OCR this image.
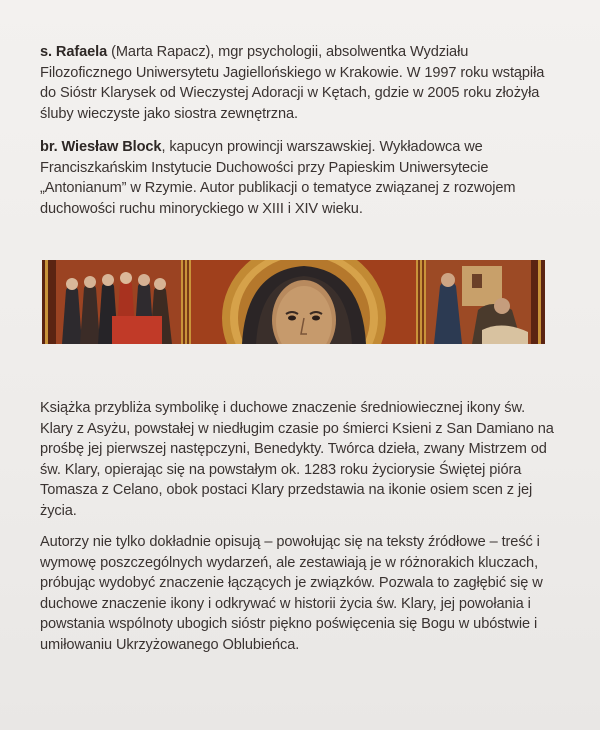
s. Rafaela (Marta Rapacz), mgr psychologii, absolwentka Wydziału Filozoficznego Uniwersytetu Jagiellońskiego w Krakowie. W 1997 roku wstąpiła do Sióstr Klarysek od Wieczystej Adoracji w Kętach, gdzie w 2005 roku złożyła śluby wieczyste jako siostra zewnętrzna.

br. Wiesław Block, kapucyn prowincji warszawskiej. Wykładowca we Franciszkańskim Instytucie Duchowości przy Papieskim Uniwersytecie „Antonianum” w Rzymie. Autor publikacji o tematyce związanej z rozwojem duchowości ruchu minoryckiego w XIII i XIV wieku.

Książka przybliża symbolikę i duchowe znaczenie średniowiecznej ikony św. Klary z Asyżu, powstałej w niedługim czasie po śmierci Ksieni z San Damiano na prośbę jej pierwszej następczyni, Benedykty. Twórca dzieła, zwany Mistrzem od św. Klary, opierając się na powstałym ok. 1283 roku życiorysie Świętej pióra Tomasza z Celano, obok postaci Klary przedstawia na ikonie osiem scen z jej życia.

Autorzy nie tylko dokładnie opisują – powołując się na teksty źródłowe – treść i wymowę poszczególnych wydarzeń, ale zestawiają je w różnorakich kluczach, próbując wydobyć znaczenie łączących je związków. Pozwala to zagłębić się w duchowe znaczenie ikony i odkrywać w historii życia św. Klary, jej powołania i powstania wspólnoty ubogich sióstr piękno poświęcenia się Bogu w ubóstwie i umiłowaniu Ukrzyżowanego Oblubieńca.
